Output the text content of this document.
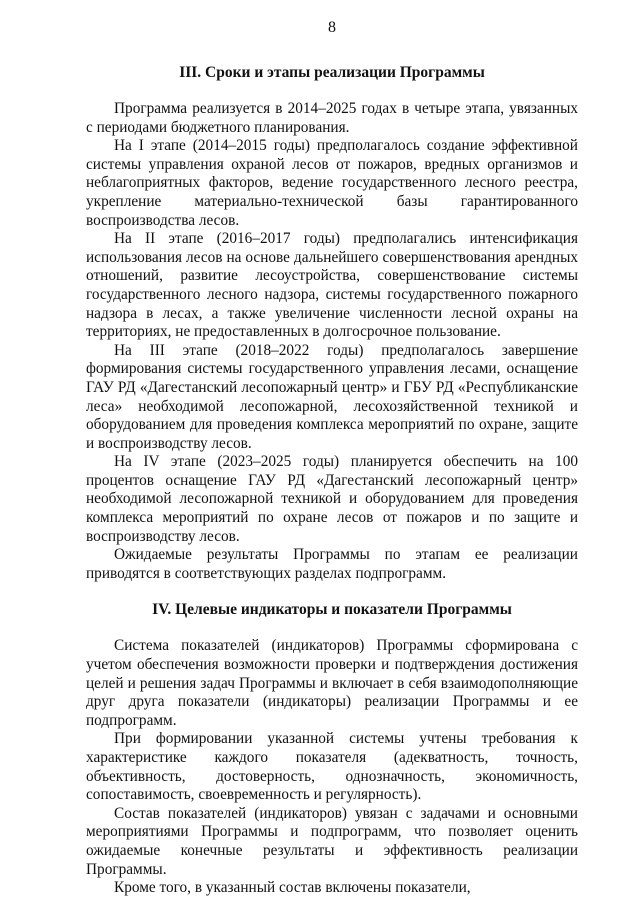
8
III. Сроки и этапы реализации Программы

Программа реализуется в 2014–2025 годах в четыре этапа, увязанных с периодами бюджетного планирования.

На I этапе (2014–2015 годы) предполагалось создание эффективной системы управления охраной лесов от пожаров, вредных организмов и неблагоприятных факторов, ведение государственного лесного реестра, укрепление материально-технической базы гарантированного воспроизводства лесов.

На II этапе (2016–2017 годы) предполагались интенсификация использования лесов на основе дальнейшего совершенствования арендных отношений, развитие лесоустройства, совершенствование системы государственного лесного надзора, системы государственного пожарного надзора в лесах, а также увеличение численности лесной охраны на территориях, не предоставленных в долгосрочное пользование.

На III этапе (2018–2022 годы) предполагалось завершение формирования системы государственного управления лесами, оснащение ГАУ РД «Дагестанский лесопожарный центр» и ГБУ РД «Республиканские леса» необходимой лесопожарной, лесохозяйственной техникой и оборудованием для проведения комплекса мероприятий по охране, защите и воспроизводству лесов.

На IV этапе (2023–2025 годы) планируется обеспечить на 100 процентов оснащение ГАУ РД «Дагестанский лесопожарный центр» необходимой лесопожарной техникой и оборудованием для проведения комплекса мероприятий по охране лесов от пожаров и по защите и воспроизводству лесов.

Ожидаемые результаты Программы по этапам ее реализации приводятся в соответствующих разделах подпрограмм.

IV. Целевые индикаторы и показатели Программы

Система показателей (индикаторов) Программы сформирована с учетом обеспечения возможности проверки и подтверждения достижения целей и решения задач Программы и включает в себя взаимодополняющие друг друга показатели (индикаторы) реализации Программы и ее подпрограмм.

При формировании указанной системы учтены требования к характеристике каждого показателя (адекватность, точность, объективность, достоверность, однозначность, экономичность, сопоставимость, своевременность и регулярность).

Состав показателей (индикаторов) увязан с задачами и основными мероприятиями Программы и подпрограмм, что позволяет оценить ожидаемые конечные результаты и эффективность реализации Программы.

Кроме того, в указанный состав включены показатели,
